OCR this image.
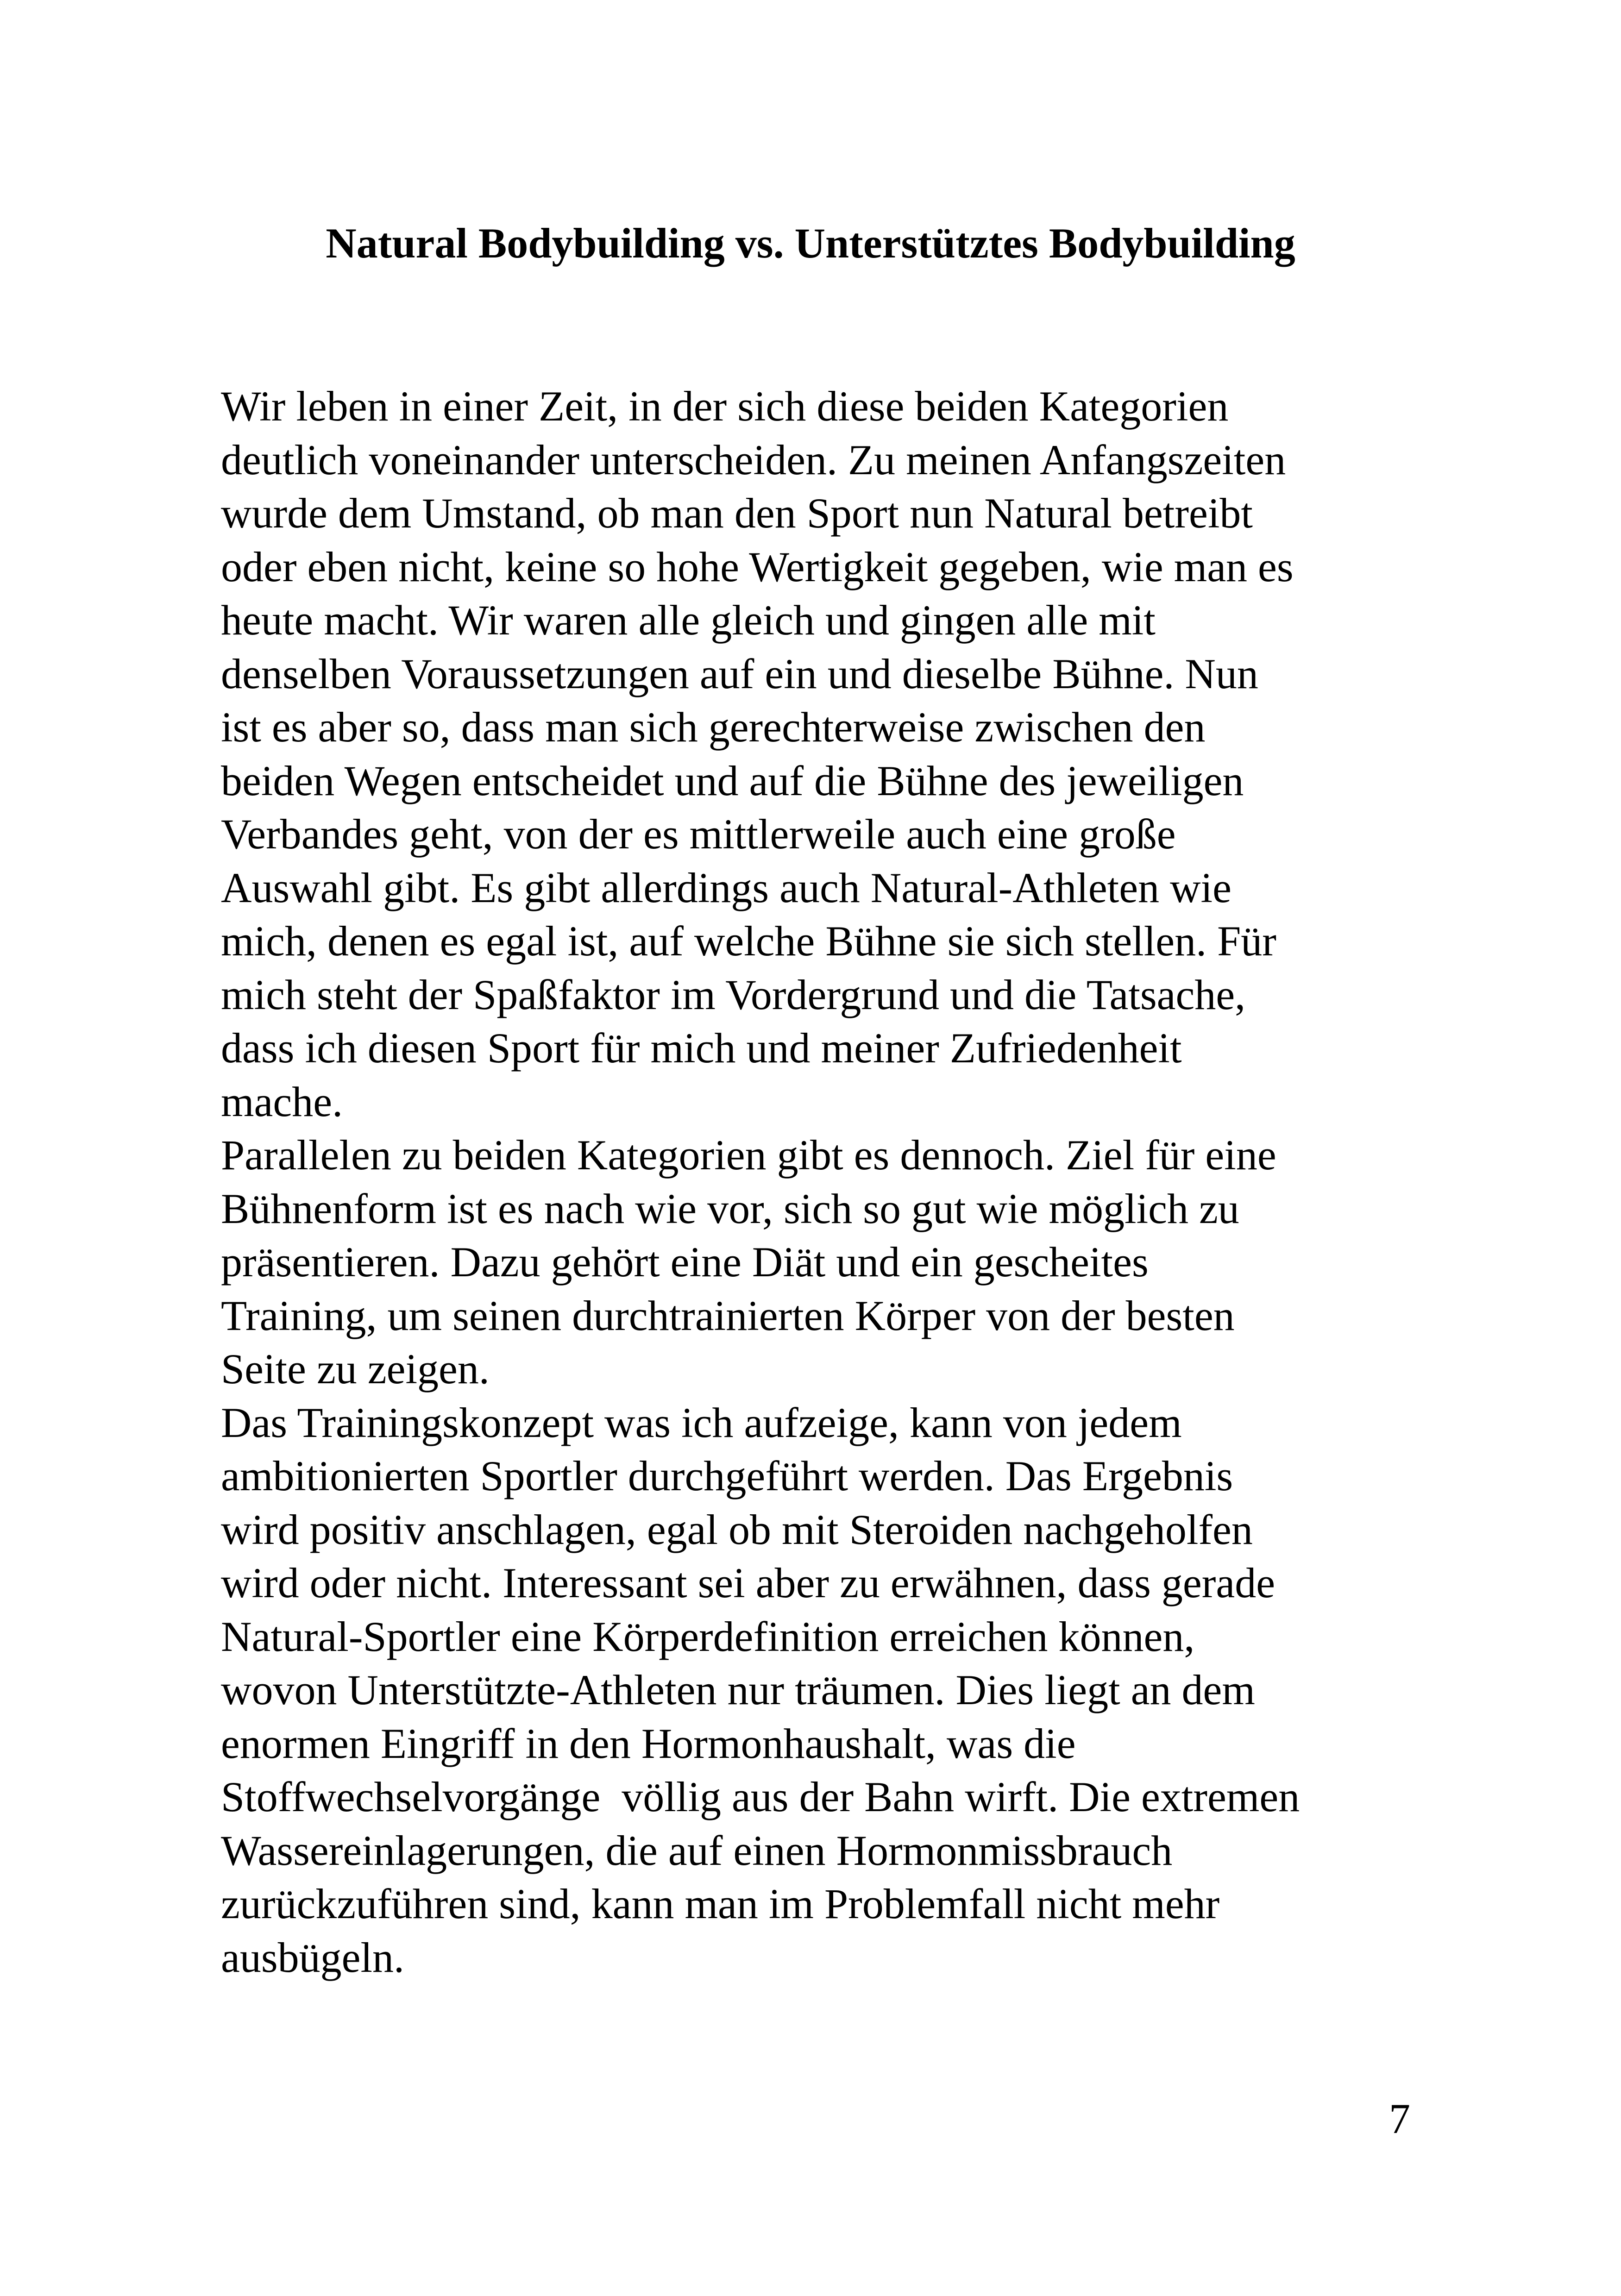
Natural Bodybuilding vs. Unterstütztes Bodybuilding
Wir leben in einer Zeit, in der sich diese beiden Kategorien
deutlich voneinander unterscheiden. Zu meinen Anfangszeiten
wurde dem Umstand, ob man den Sport nun Natural betreibt
oder eben nicht, keine so hohe Wertigkeit gegeben, wie man es
heute macht. Wir waren alle gleich und gingen alle mit
denselben Voraussetzungen auf ein und dieselbe Bühne. Nun
ist es aber so, dass man sich gerechterweise zwischen den
beiden Wegen entscheidet und auf die Bühne des jeweiligen
Verbandes geht, von der es mittlerweile auch eine große
Auswahl gibt. Es gibt allerdings auch Natural-Athleten wie
mich, denen es egal ist, auf welche Bühne sie sich stellen. Für
mich steht der Spaßfaktor im Vordergrund und die Tatsache,
dass ich diesen Sport für mich und meiner Zufriedenheit
mache.
Parallelen zu beiden Kategorien gibt es dennoch. Ziel für eine
Bühnenform ist es nach wie vor, sich so gut wie möglich zu
präsentieren. Dazu gehört eine Diät und ein gescheites
Training, um seinen durchtrainierten Körper von der besten
Seite zu zeigen.
Das Trainingskonzept was ich aufzeige, kann von jedem
ambitionierten Sportler durchgeführt werden. Das Ergebnis
wird positiv anschlagen, egal ob mit Steroiden nachgeholfen
wird oder nicht. Interessant sei aber zu erwähnen, dass gerade
Natural-Sportler eine Körperdefinition erreichen können,
wovon Unterstützte-Athleten nur träumen. Dies liegt an dem
enormen Eingriff in den Hormonhaushalt, was die
Stoffwechselvorgänge  völlig aus der Bahn wirft. Die extremen
Wassereinlagerungen, die auf einen Hormonmissbrauch
zurückzuführen sind, kann man im Problemfall nicht mehr
ausbügeln.
7
